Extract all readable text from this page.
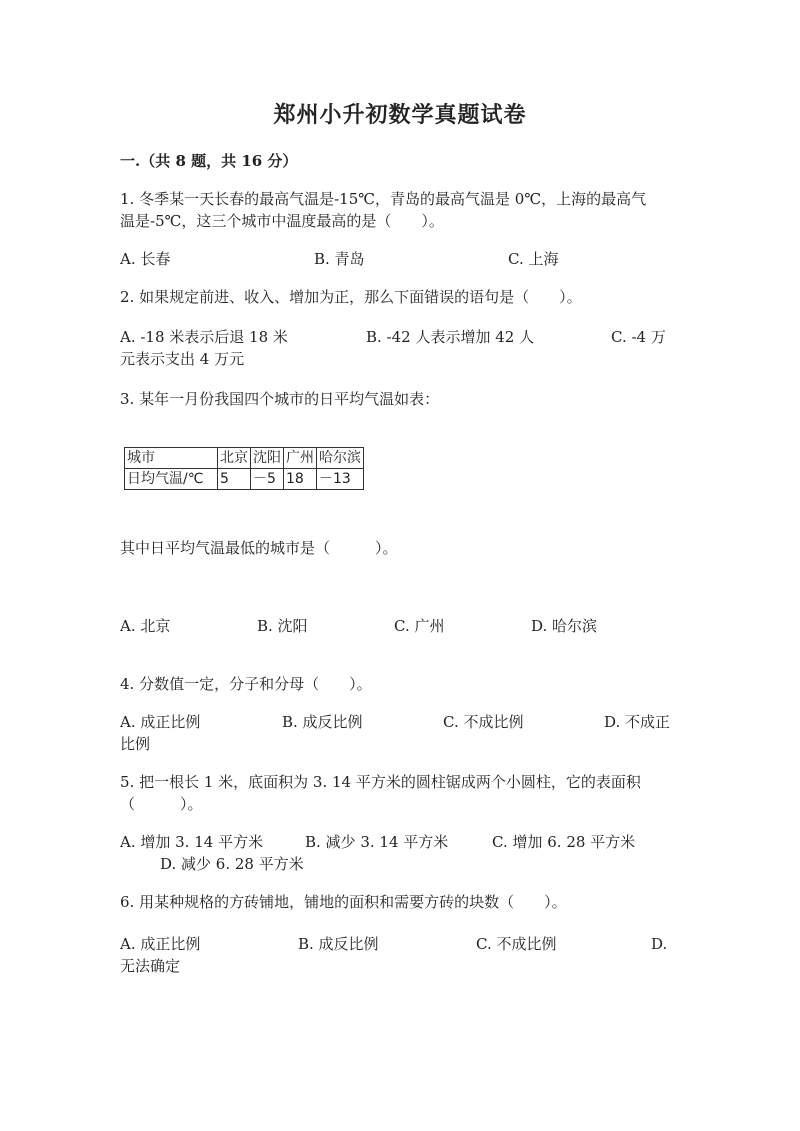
郑州小升初数学真题试卷
一.（共 8 题，共 16 分）
1. 冬季某一天长春的最高气温是-15℃，青岛的最高气温是 0℃，上海的最高气
温是-5℃，这三个城市中温度最高的是（　　）。
A. 长春	B. 青岛	C. 上海
2. 如果规定前进、收入、增加为正，那么下面错误的语句是（　　）。
A. -18 米表示后退 18 米	B. -42 人表示增加 42 人	C. -4 万
元表示支出 4 万元
3. 某年一月份我国四个城市的日平均气温如表：
城市	北京	沈阳	广州	哈尔滨
日均气温/℃	5	－5	18	－13
其中日平均气温最低的城市是（　　　）。
A. 北京	B. 沈阳	C. 广州	D. 哈尔滨
4. 分数值一定，分子和分母（　　）。
A. 成正比例	B. 成反比例	C. 不成比例	D. 不成正
比例
5. 把一根长 1 米，底面积为 3. 14 平方米的圆柱锯成两个小圆柱，它的表面积
（　　　）。
A. 增加 3. 14 平方米	B. 减少 3. 14 平方米	C. 增加 6. 28 平方米
D. 减少 6. 28 平方米
6. 用某种规格的方砖铺地，铺地的面积和需要方砖的块数（　　）。
A. 成正比例	B. 成反比例	C. 不成比例	D.
无法确定
